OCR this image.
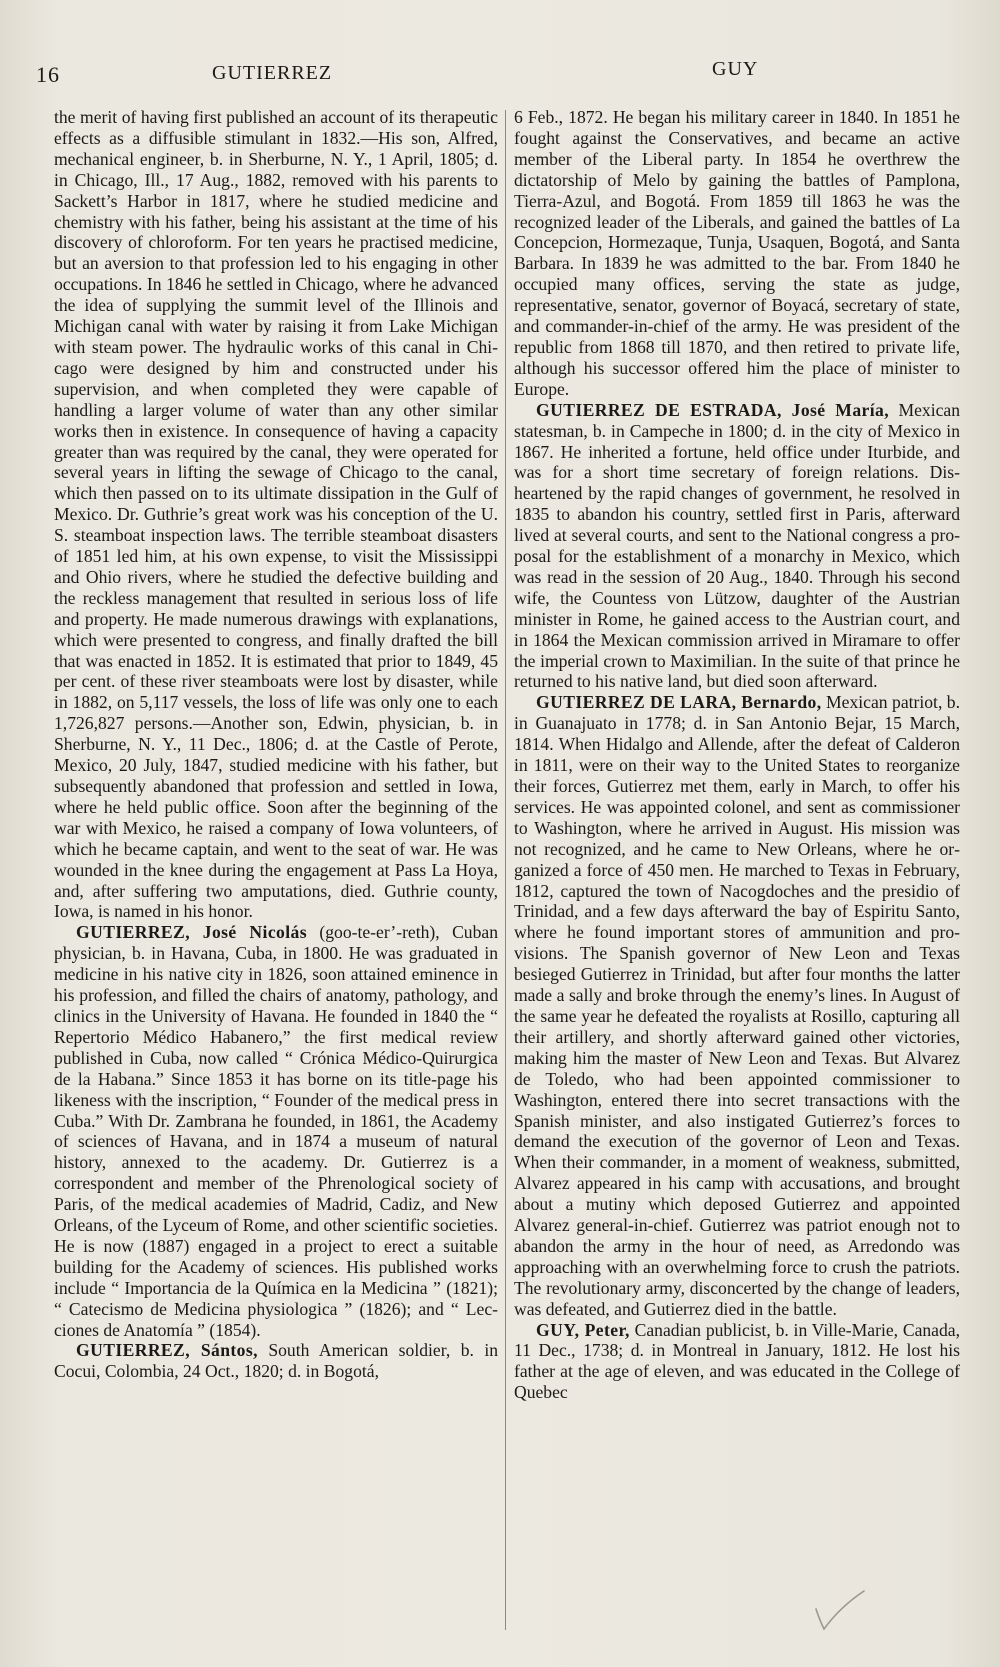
16	GUTIERREZ	GUY

the merit of having first published an account of its therapeutic effects as a diffusible stimulant in 1832.—His son, Alfred, mechanical engineer, b. in Sherburne, N. Y., 1 April, 1805; d. in Chicago, Ill., 17 Aug., 1882, removed with his parents to Sackett’s Harbor in 1817, where he studied medicine and chemistry with his father, being his assistant at the time of his discovery of chloroform. For ten years he practised medicine, but an aversion to that profession led to his engaging in other occupations. In 1846 he settled in Chicago, where he advanced the idea of supplying the summit level of the Illinois and Michigan canal with water by raising it from Lake Michigan with steam power. The hydraulic works of this canal in Chicago were designed by him and constructed under his supervision, and when completed they were capable of handling a larger volume of water than any other similar works then in existence. In consequence of having a capacity greater than was required by the canal, they were operated for several years in lifting the sewage of Chicago to the canal, which then passed on to its ultimate dissipation in the Gulf of Mexico. Dr. Guthrie’s great work was his conception of the U. S. steamboat inspection laws. The terrible steamboat disasters of 1851 led him, at his own expense, to visit the Mississippi and Ohio rivers, where he studied the defective building and the reckless management that resulted in serious loss of life and property. He made numerous drawings with explanations, which were presented to congress, and finally drafted the bill that was enacted in 1852. It is estimated that prior to 1849, 45 per cent. of these river steamboats were lost by disaster, while in 1882, on 5,117 vessels, the loss of life was only one to each 1,726,827 persons.—Another son, Edwin, physician, b. in Sherburne, N. Y., 11 Dec., 1806; d. at the Castle of Perote, Mexico, 20 July, 1847, studied medicine with his father, but subsequently abandoned that profession and settled in Iowa, where he held public office. Soon after the beginning of the war with Mexico, he raised a company of Iowa volunteers, of which he became captain, and went to the seat of war. He was wounded in the knee during the engagement at Pass La Hoya, and, after suffering two amputations, died. Guthrie county, Iowa, is named in his honor.

GUTIERREZ, José Nicolás (goo-te-er’-reth), Cuban physician, b. in Havana, Cuba, in 1800. He was graduated in medicine in his native city in 1826, soon attained eminence in his profession, and filled the chairs of anatomy, pathology, and clinics in the University of Havana. He founded in 1840 the “ Repertorio Médico Habanero,” the first medical review published in Cuba, now called “ Crónica Médico-Quirurgica de la Habana.” Since 1853 it has borne on its title-page his likeness with the inscription, “ Founder of the medical press in Cuba.” With Dr. Zambrana he founded, in 1861, the Academy of sciences of Havana, and in 1874 a museum of natural history, annexed to the academy. Dr. Gutierrez is a correspondent and member of the Phrenological society of Paris, of the medical academies of Madrid, Cadiz, and New Orleans, of the Lyceum of Rome, and other scientific societies. He is now (1887) engaged in a project to erect a suitable building for the Academy of sciences. His published works include “ Importancia de la Química en la Medicina ” (1821); “ Catecismo de Medicina physiologica ” (1826); and “ Lecciones de Anatomía ” (1854).

GUTIERREZ, Sántos, South American soldier, b. in Cocui, Colombia, 24 Oct., 1820; d. in Bogotá,

6 Feb., 1872. He began his military career in 1840. In 1851 he fought against the Conservatives, and became an active member of the Liberal party. In 1854 he overthrew the dictatorship of Melo by gaining the battles of Pamplona, Tierra-Azul, and Bogotá. From 1859 till 1863 he was the recognized leader of the Liberals, and gained the battles of La Concepcion, Hormezaque, Tunja, Usaquen, Bogotá, and Santa Barbara. In 1839 he was admitted to the bar. From 1840 he occupied many offices, serving the state as judge, representative, senator, governor of Boyacá, secretary of state, and commander-in-chief of the army. He was president of the republic from 1868 till 1870, and then retired to private life, although his successor offered him the place of minister to Europe.

GUTIERREZ DE ESTRADA, José María, Mexican statesman, b. in Campeche in 1800; d. in the city of Mexico in 1867. He inherited a fortune, held office under Iturbide, and was for a short time secretary of foreign relations. Disheartened by the rapid changes of government, he resolved in 1835 to abandon his country, settled first in Paris, afterward lived at several courts, and sent to the National congress a proposal for the establishment of a monarchy in Mexico, which was read in the session of 20 Aug., 1840. Through his second wife, the Countess von Lützow, daughter of the Austrian minister in Rome, he gained access to the Austrian court, and in 1864 the Mexican commission arrived in Miramare to offer the imperial crown to Maximilian. In the suite of that prince he returned to his native land, but died soon afterward.

GUTIERREZ DE LARA, Bernardo, Mexican patriot, b. in Guanajuato in 1778; d. in San Antonio Bejar, 15 March, 1814. When Hidalgo and Allende, after the defeat of Calderon in 1811, were on their way to the United States to reorganize their forces, Gutierrez met them, early in March, to offer his services. He was appointed colonel, and sent as commissioner to Washington, where he arrived in August. His mission was not recognized, and he came to New Orleans, where he organized a force of 450 men. He marched to Texas in February, 1812, captured the town of Nacogdoches and the presidio of Trinidad, and a few days afterward the bay of Espiritu Santo, where he found important stores of ammunition and provisions. The Spanish governor of New Leon and Texas besieged Gutierrez in Trinidad, but after four months the latter made a sally and broke through the enemy’s lines. In August of the same year he defeated the royalists at Rosillo, capturing all their artillery, and shortly afterward gained other victories, making him the master of New Leon and Texas. But Alvarez de Toledo, who had been appointed commissioner to Washington, entered there into secret transactions with the Spanish minister, and also instigated Gutierrez’s forces to demand the execution of the governor of Leon and Texas. When their commander, in a moment of weakness, submitted, Alvarez appeared in his camp with accusations, and brought about a mutiny which deposed Gutierrez and appointed Alvarez general-in-chief. Gutierrez was patriot enough not to abandon the army in the hour of need, as Arredondo was approaching with an overwhelming force to crush the patriots. The revolutionary army, disconcerted by the change of leaders, was defeated, and Gutierrez died in the battle.

GUY, Peter, Canadian publicist, b. in Ville-Marie, Canada, 11 Dec., 1738; d. in Montreal in January, 1812. He lost his father at the age of eleven, and was educated in the College of Quebec
